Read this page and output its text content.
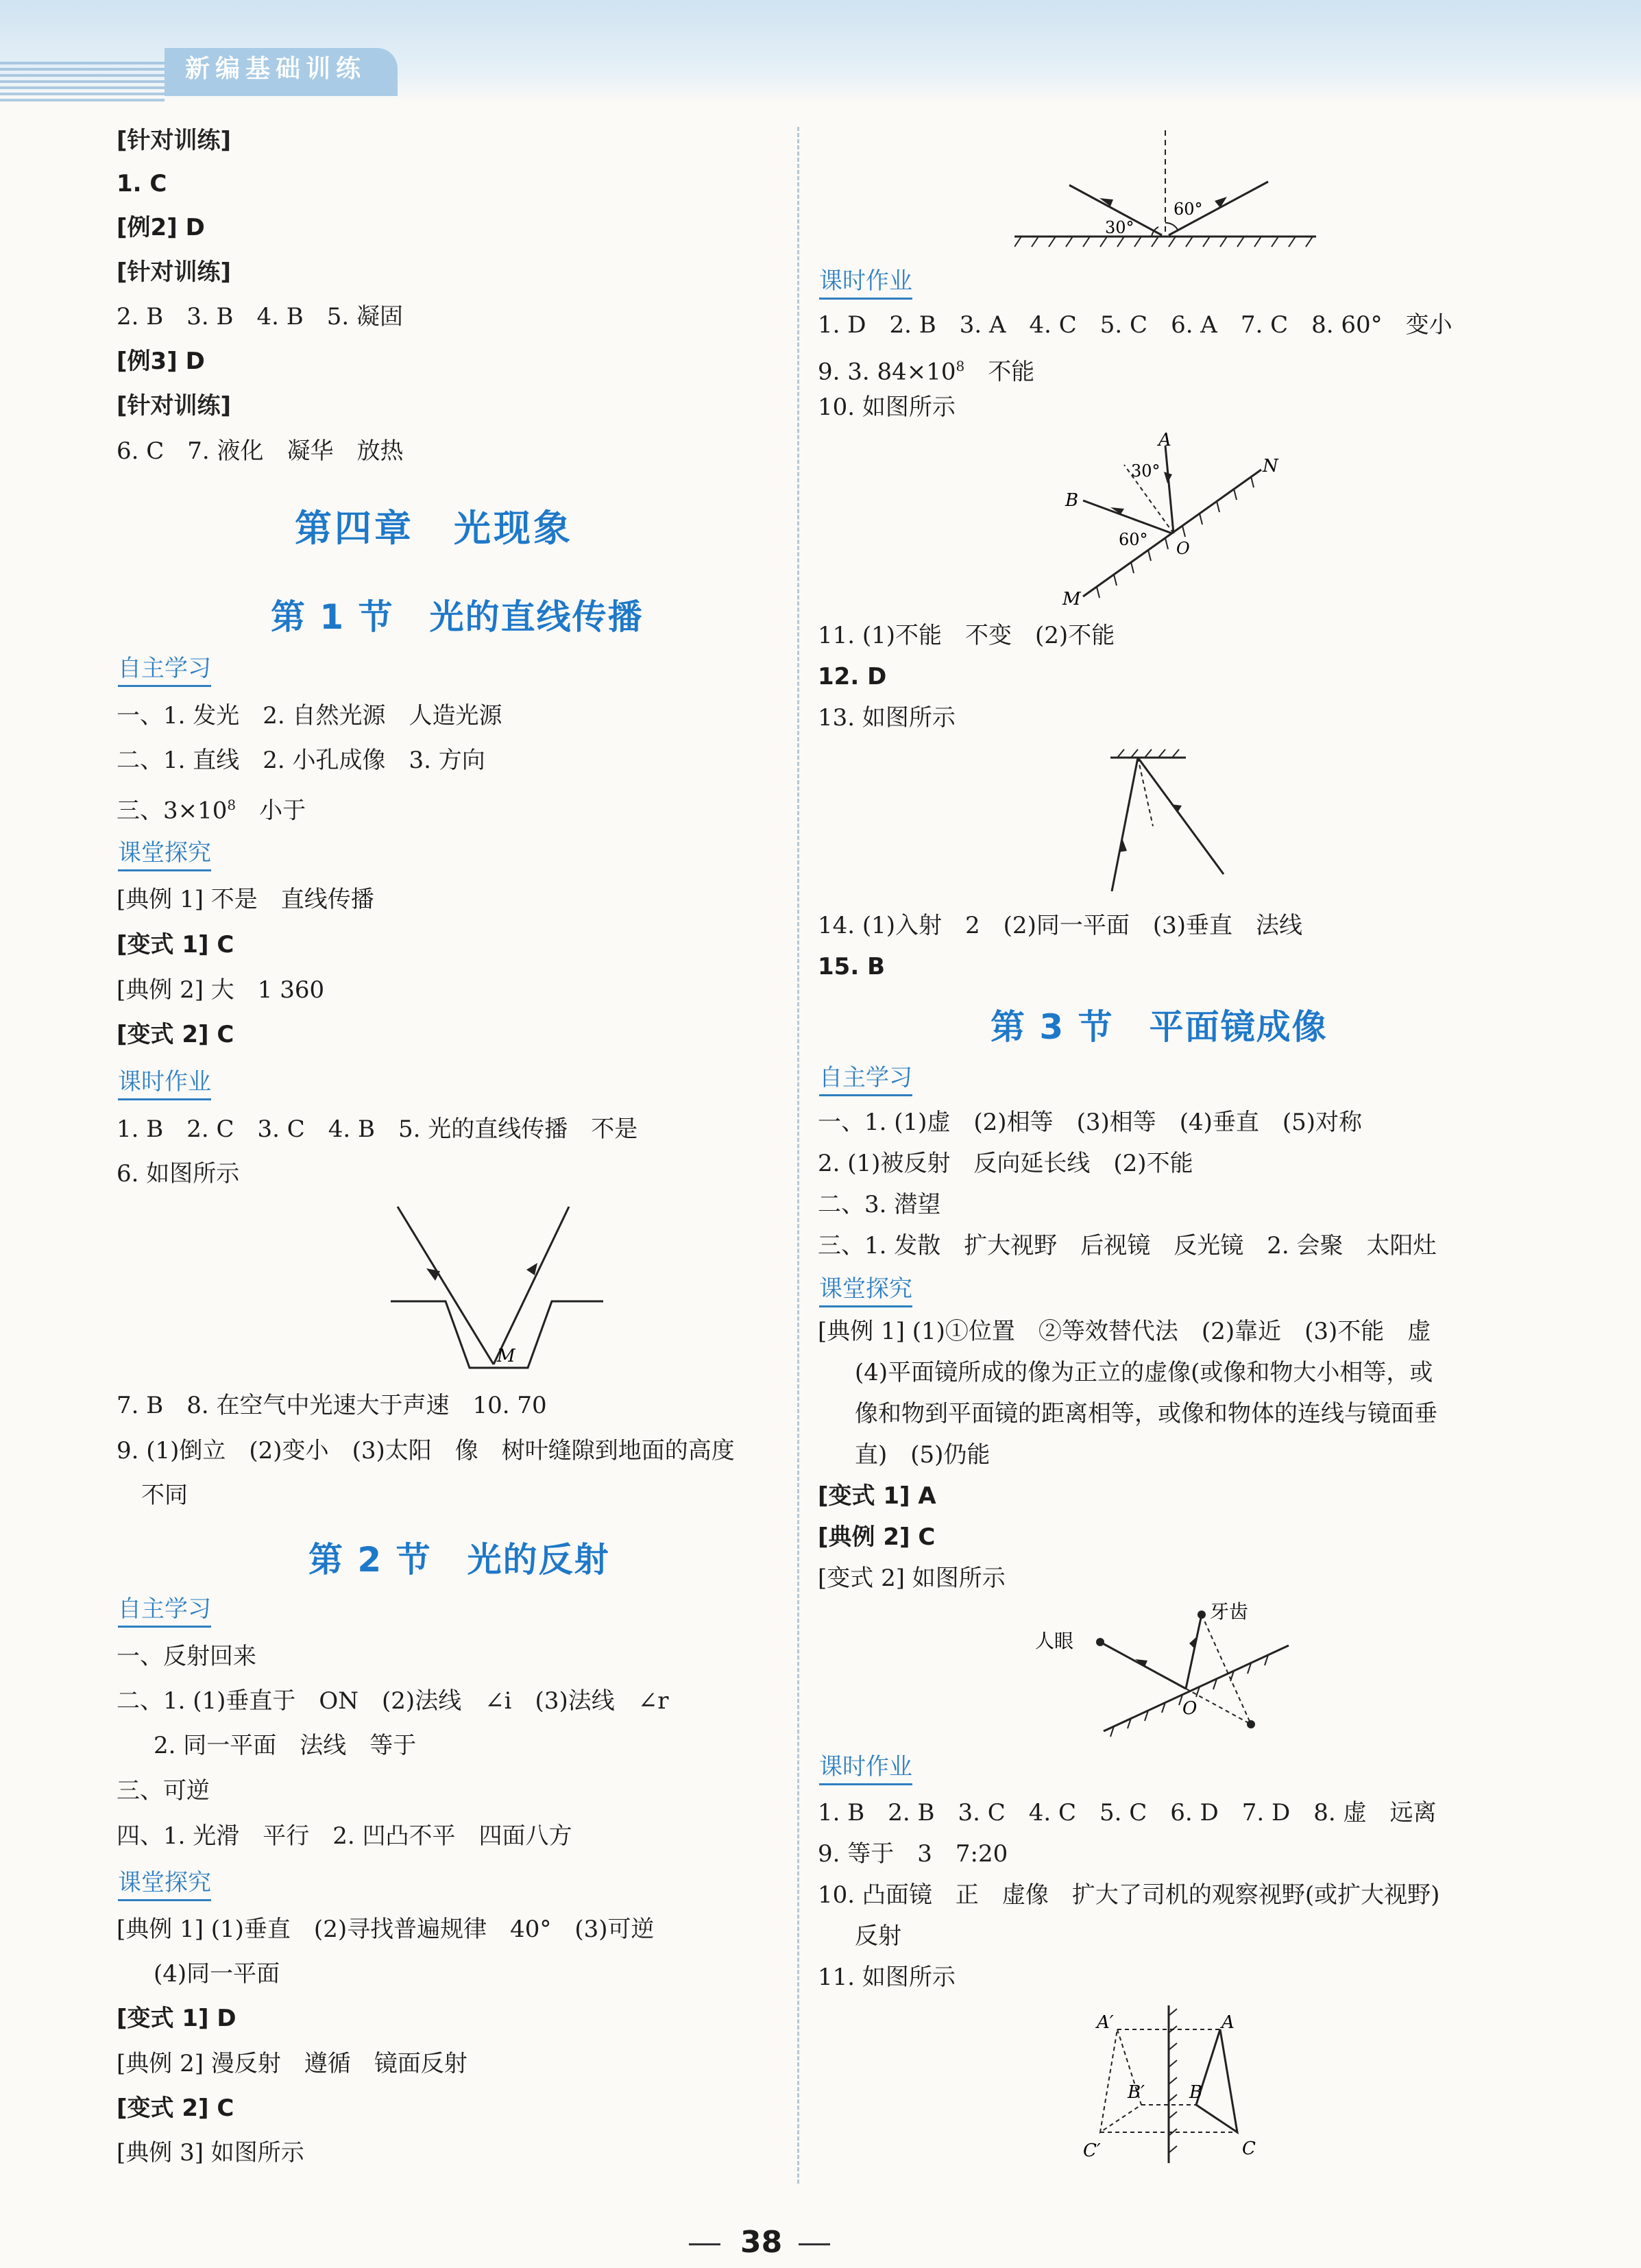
新编基础训练
[针对训练]
1. C
[例2] D
[针对训练]
2. B　3. B　4. B　5. 凝固
[例3] D
[针对训练]
6. C　7. 液化　凝华　放热
第四章　光现象
第 1 节　光的直线传播
自主学习
一、1. 发光　2. 自然光源　人造光源
二、1. 直线　2. 小孔成像　3. 方向
三、$3\times 10^8$　小于
课堂探究
[典例 1] 不是　直线传播
[变式 1] C
[典例 2] 大　1 360
[变式 2] C
课时作业
1. B　2. C　3. C　4. B　5. 光的直线传播　不是
6. 如图所示
M
7. B　8. 在空气中光速大于声速　10. 70
9. (1)倒立　(2)变小　(3)太阳　像　树叶缝隙到地面的高度
不同
第 2 节　光的反射
自主学习
一、反射回来
二、1. (1)垂直于　ON　(2)法线　∠i　(3)法线　∠r
2. 同一平面　法线　等于
三、可逆
四、1. 光滑　平行　2. 凹凸不平　四面八方
课堂探究
[典例 1] (1)垂直　(2)寻找普遍规律　40°　(3)可逆
(4)同一平面
[变式 1] D
[典例 2] 漫反射　遵循　镜面反射
[变式 2] C
[典例 3] 如图所示
30°
60°
课时作业
1. D　2. B　3. A　4. C　5. C　6. A　7. C　8. 60°　变小
9. 3. $84\times 10^8$　不能
10. 如图所示
A
B
N
M
O
30°
60°
11. (1)不能　不变　(2)不能
12. D
13. 如图所示
14. (1)入射　2　(2)同一平面　(3)垂直　法线
15. B
第 3 节　平面镜成像
自主学习
一、1. (1)虚　(2)相等　(3)相等　(4)垂直　(5)对称
2. (1)被反射　反向延长线　(2)不能
二、3. 潜望
三、1. 发散　扩大视野　后视镜　反光镜　2. 会聚　太阳灶
课堂探究
[典例 1] (1)①位置　②等效替代法　(2)靠近　(3)不能　虚
(4)平面镜所成的像为正立的虚像(或像和物大小相等，或
像和物到平面镜的距离相等，或像和物体的连线与镜面垂
直)　(5)仍能
[变式 1] A
[典例 2] C
[变式 2] 如图所示
人眼
牙齿
O
课时作业
1. B　2. B　3. C　4. C　5. C　6. D　7. D　8. 虚　远离
9. 等于　3　7:20
10. 凸面镜　正　虚像　扩大了司机的观察视野(或扩大视野)
反射
11. 如图所示
A′
B′
C′
A
B
C
38
